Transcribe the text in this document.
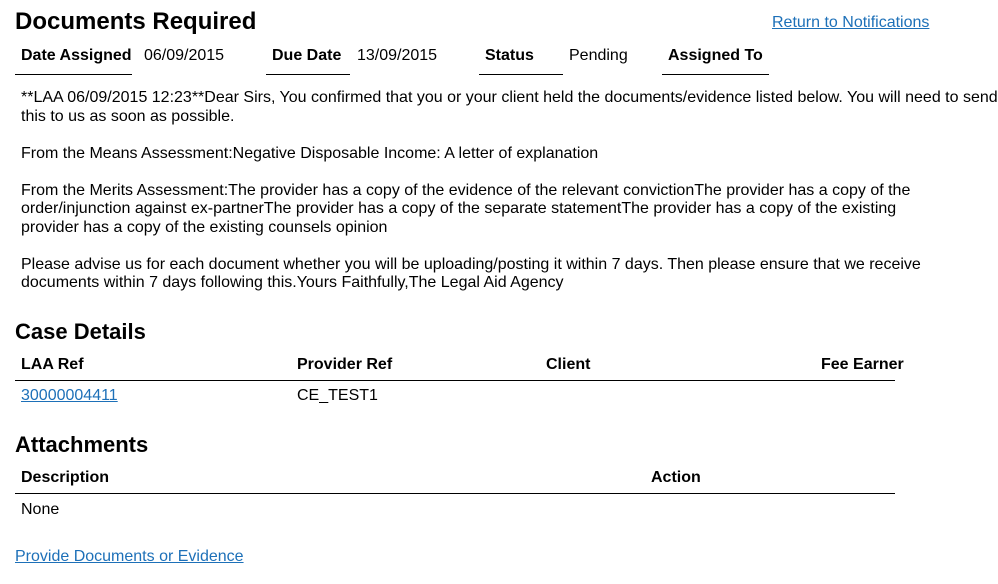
Documents Required	Return to Notifications
Date Assigned 06/09/2015	Due Date 13/09/2015	Status	Pending	Assigned To

**LAA 06/09/2015 12:23**Dear Sirs, You confirmed that you or your client held the documents/evidence listed below. You will need to send

this to us as soon as possible.

From the Means Assessment:Negative Disposable Income: A letter of explanation

From the Merits Assessment:The provider has a copy of the evidence of the relevant convictionThe provider has a copy of the

order/injunction against ex-partnerThe provider has a copy of the separate statementThe provider has a copy of the existing

provider has a copy of the existing counsels opinion

Please advise us for each document whether you will be uploading/posting it within 7 days. Then please ensure that we receive

documents within 7 days following this.Yours Faithfully,The Legal Aid Agency

Case Details
LAA Ref	Provider Ref	Client	Fee Earner
30000004411	CE_TEST1
Attachments
Description	Action
None
Provide Documents or Evidence
